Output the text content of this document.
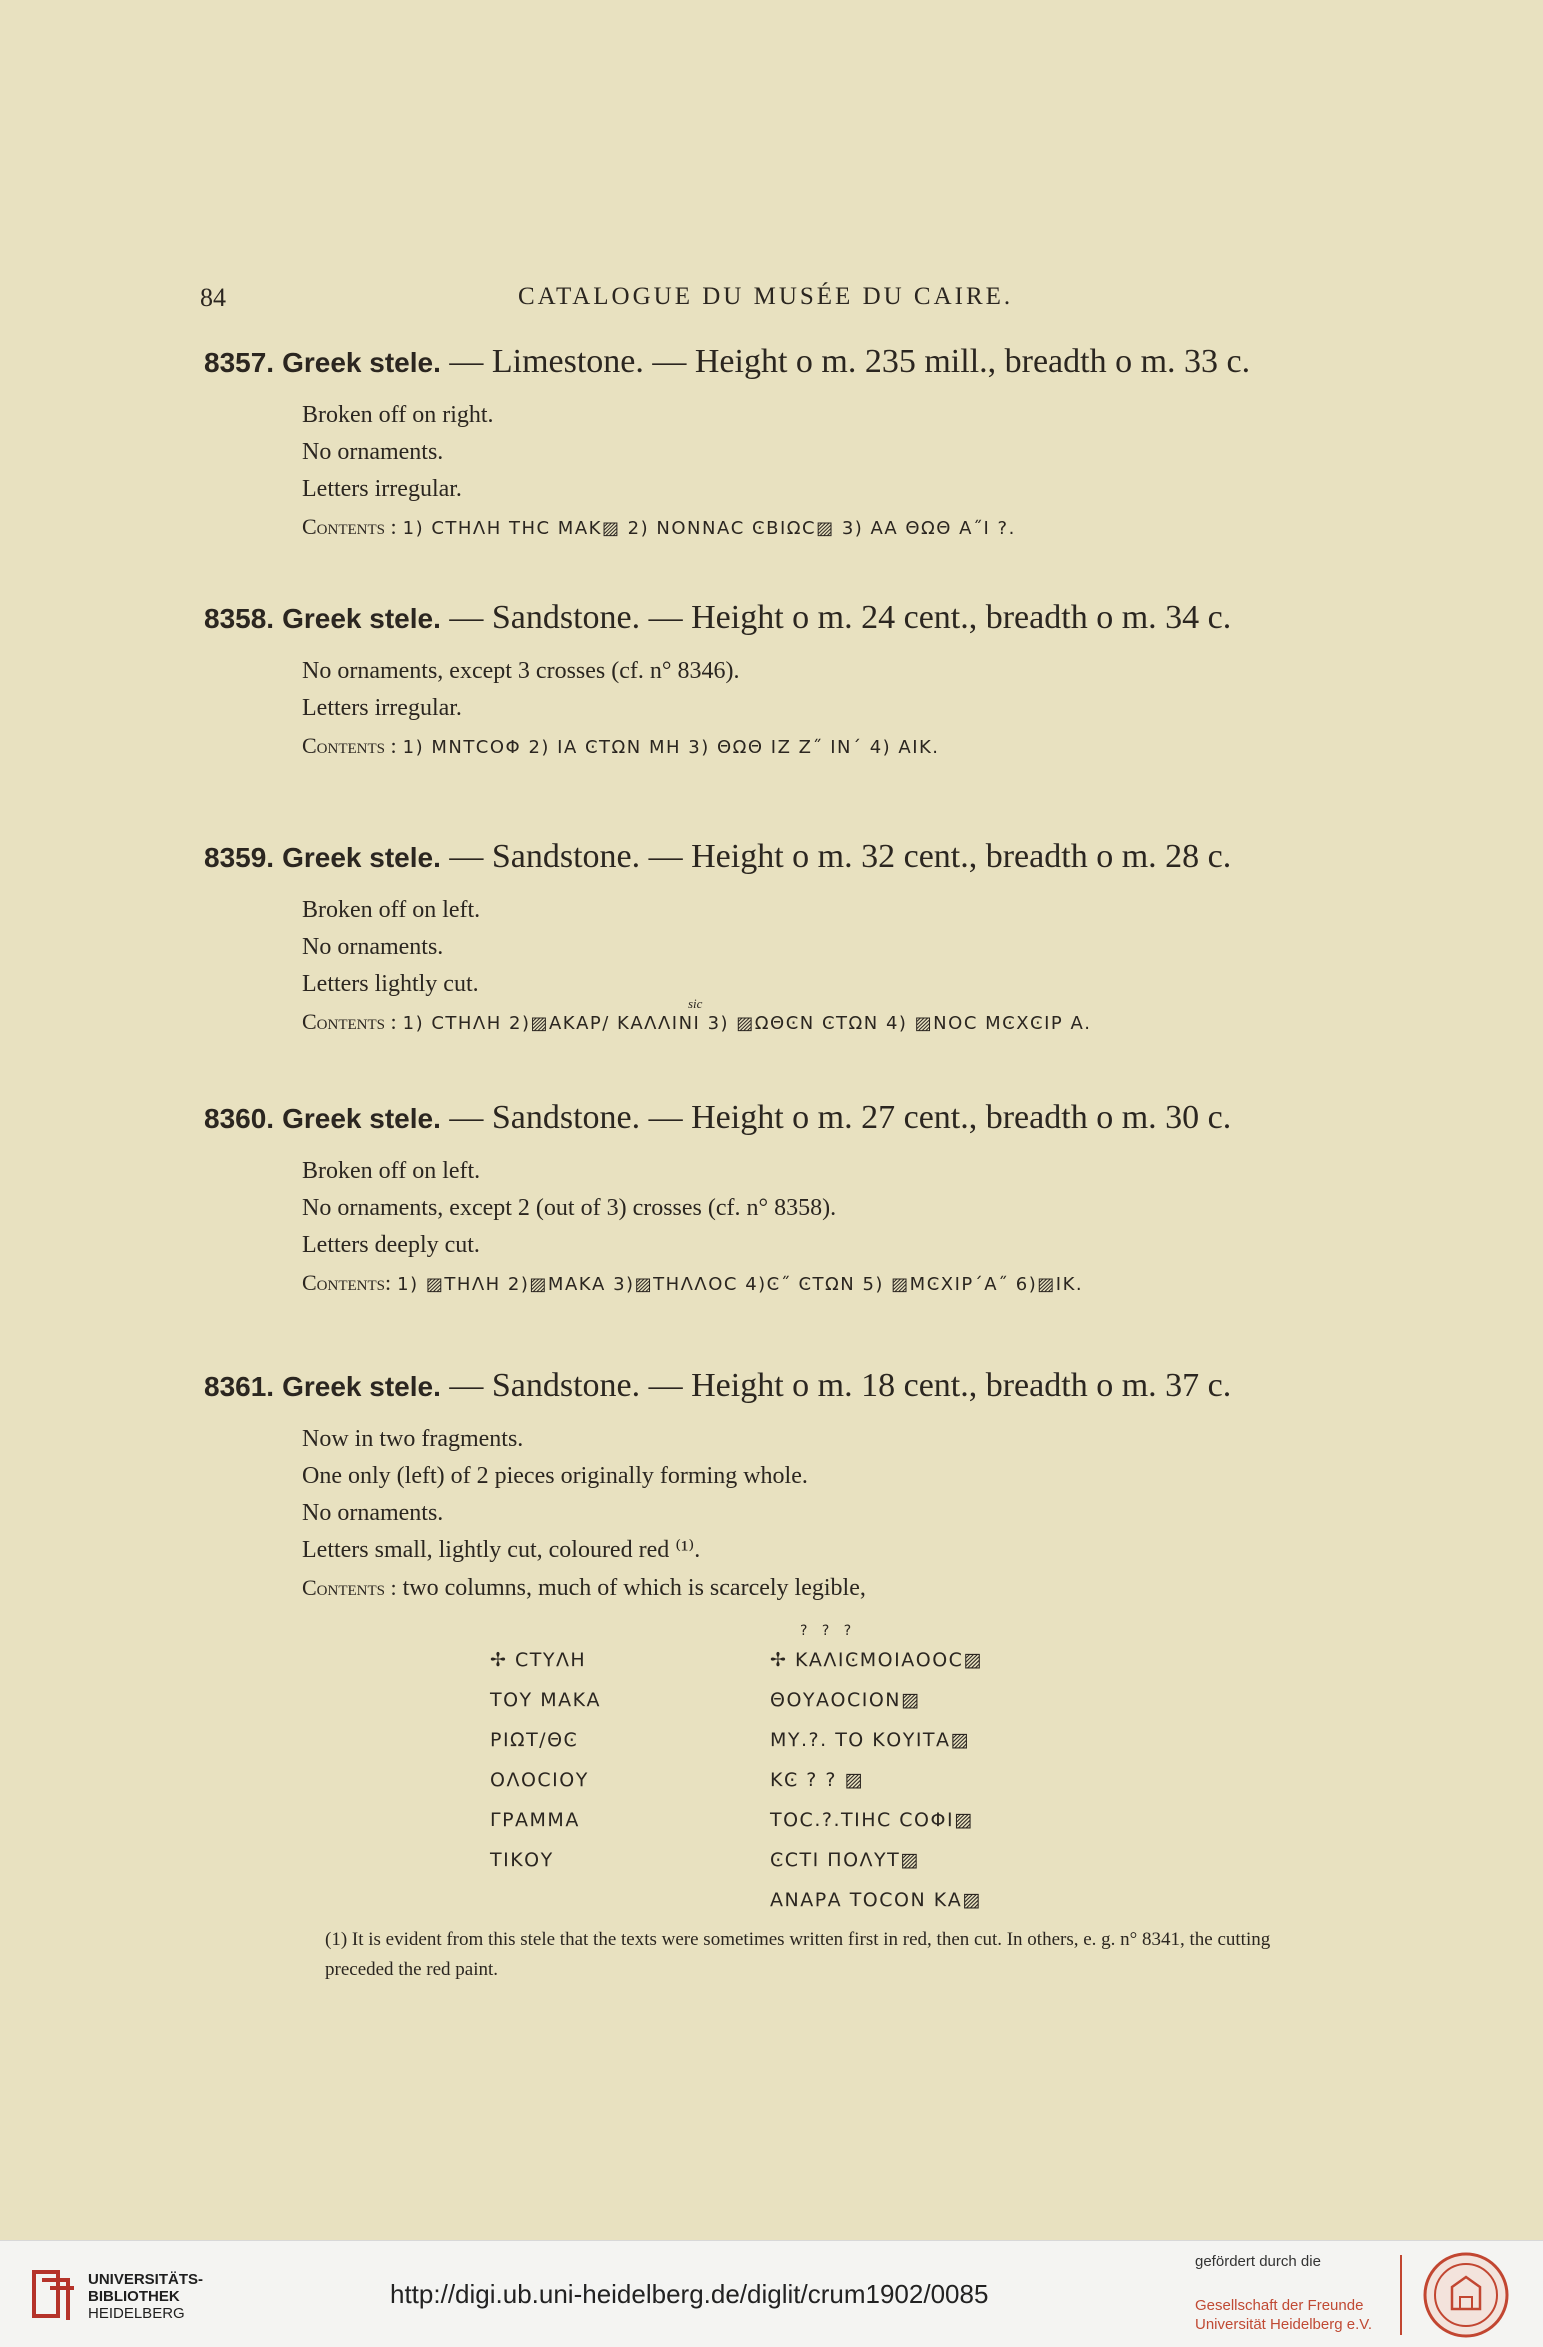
84	CATALOGUE DU MUSÉE DU CAIRE.
8357. Greek stele. — Limestone. — Height o m. 235 mill., breadth o m. 33 c.
Broken off on right.
No ornaments.
Letters irregular.
Contents : 1) ϹΤΗΛΗ ΤΗϹ ΜΑΚ▨ 2) ΝΟΝΝΑϹ ϾΒΙΩϹ▨ 3) ΑΑ ΘΩΘ Α˝Ι ?.
8358. Greek stele. — Sandstone. — Height o m. 24 cent., breadth o m. 34 c.
No ornaments, except 3 crosses (cf. n° 8346).
Letters irregular.
Contents : 1) ΜΝΤϹΟΦ 2) ΙΑ ϾΤΩΝ ΜΗ 3) ΘΩΘ ΙΖ Ζ˝ ΙΝ´ 4) ΑΙΚ.
8359. Greek stele. — Sandstone. — Height o m. 32 cent., breadth o m. 28 c.
Broken off on left.
No ornaments.
Letters lightly cut.
sic
Contents : 1) ϹΤΗΛΗ 2)▨ΑΚΑΡ/ ΚΑΛΛΙΝΙ 3) ▨ΩΘϾΝ ϾΤΩΝ 4) ▨ΝΟϹ ΜϾΧϾΙΡ Α.
8360. Greek stele. — Sandstone. — Height o m. 27 cent., breadth o m. 30 c.
Broken off on left.
No ornaments, except 2 (out of 3) crosses (cf. n° 8358).
Letters deeply cut.
Contents: 1) ▨ΤΗΛΗ 2)▨ΜΑΚΑ 3)▨ΤΗΛΛΟϹ 4)Ͼ˝ ϾΤΩΝ 5) ▨ΜϾΧΙΡ´Α˝ 6)▨ΙΚ.
8361. Greek stele. — Sandstone. — Height o m. 18 cent., breadth o m. 37 c.
Now in two fragments.
One only (left) of 2 pieces originally forming whole.
No ornaments.
Letters small, lightly cut, coloured red ⁽¹⁾.
Contents : two columns, much of which is scarcely legible,
? ? ?
✢ ϹΤΥΛΗ
ΤΟΥ ΜΑΚΑ
ΡΙΩΤ/ΘϾ
ΟΛΟϹΙΟΥ
ΓΡΑΜΜΑ
ΤΙΚΟΥ
✢ ΚΑΛΙϾΜΟΙΑΟΟϹ▨
ΘΟΥΑΟϹΙΟΝ▨
ΜΥ.?. ΤΟ ΚΟΥΙΤΑ▨
ΚϾ ? ? ▨
ΤΟϹ.?.ΤΙΗϹ ϹΟΦΙ▨
ϾϹΤΙ ΠΟΛΥΤ▨
ΑΝΑΡΑ ΤΟϹΟΝ ΚΑ▨
(1) It is evident from this stele that the texts were sometimes written first in red, then cut. In others, e. g. n° 8341, the cutting preceded the red paint.
UNIVERSITÄTS-
BIBLIOTHEK
HEIDELBERG
http://digi.ub.uni-heidelberg.de/diglit/crum1902/0085
gefördert durch die
Gesellschaft der Freunde
Universität Heidelberg e.V.
